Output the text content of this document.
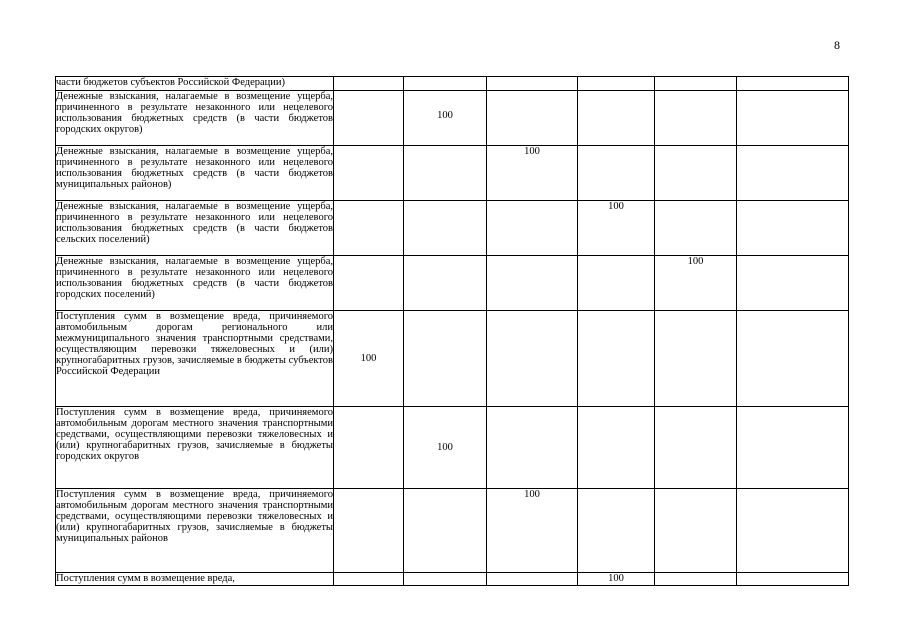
8
части бюджетов субъектов Российской Федерации)						
Денежные взыскания, налагаемые в возмещение ущерба, причиненного в результате незаконного или нецелевого использования бюджетных средств (в части бюджетов городских округов)		100				
Денежные взыскания, налагаемые в возмещение ущерба, причиненного в результате незаконного или нецелевого использования бюджетных средств (в части бюджетов муниципальных районов)			100			
Денежные взыскания, налагаемые в возмещение ущерба, причиненного в результате незаконного или нецелевого использования бюджетных средств (в части бюджетов сельских поселений)				100		
Денежные взыскания, налагаемые в возмещение ущерба, причиненного в результате незаконного или нецелевого использования бюджетных средств (в части бюджетов городских поселений)					100	
Поступления сумм в возмещение вреда, причиняемого автомобильным дорогам регионального или межмуниципального значения транспортными средствами, осуществляющим перевозки тяжеловесных и (или) крупногабаритных грузов, зачисляемые в бюджеты субъектов Российской Федерации	100					
Поступления сумм в возмещение вреда, причиняемого автомобильным дорогам местного значения транспортными средствами, осуществляющими перевозки тяжеловесных и (или) крупногабаритных грузов, зачисляемые в бюджеты городских округов		100				
Поступления сумм в возмещение вреда, причиняемого автомобильным дорогам местного значения транспортными средствами, осуществляющими перевозки тяжеловесных и (или) крупногабаритных грузов, зачисляемые в бюджеты муниципальных районов			100			
Поступления сумм в возмещение вреда,				100		
